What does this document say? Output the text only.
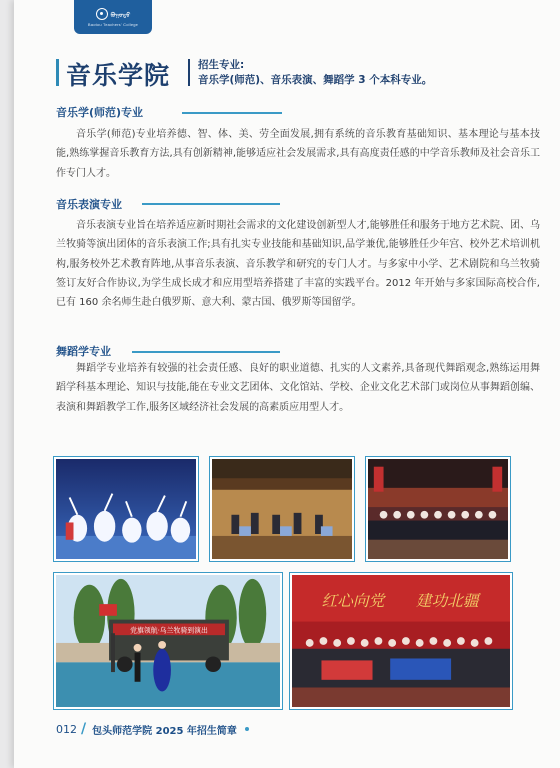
ᠪᠣᠭᠣᠲᠣ
Baotou Teachers' College
音乐学院	招生专业:
音乐学(师范)、音乐表演、舞蹈学 3 个本科专业。
音乐学(师范)专业
音乐学(师范)专业培养德、智、体、美、劳全面发展,拥有系统的音乐教育基础知识、基本理论与基本技能,熟练掌握音乐教育方法,具有创新精神,能够适应社会发展需求,具有高度责任感的中学音乐教师及社会音乐工作专门人才。
音乐表演专业
音乐表演专业旨在培养适应新时期社会需求的文化建设创新型人才,能够胜任和服务于地方艺术院、团、乌兰牧骑等演出团体的音乐表演工作;具有扎实专业技能和基础知识,品学兼优,能够胜任少年宫、校外艺术培训机构,服务校外艺术教育阵地,从事音乐表演、音乐教学和研究的专门人才。与多家中小学、艺术剧院和乌兰牧骑签订友好合作协议,为学生成长成才和应用型培养搭建了丰富的实践平台。2012 年开始与多家国际高校合作,已有 160 余名师生赴白俄罗斯、意大利、蒙古国、俄罗斯等国留学。
舞蹈学专业
舞蹈学专业培养有较强的社会责任感、良好的职业道德、扎实的人文素养,具备现代舞蹈观念,熟练运用舞蹈学科基本理论、知识与技能,能在专业文艺团体、文化馆站、学校、企业文化艺术部门或岗位从事舞蹈创编、表演和舞蹈教学工作,服务区域经济社会发展的高素质应用型人才。
党旗领航·乌兰牧骑到演出
红心向党 建功北疆
012 / 包头师范学院 2025 年招生简章
